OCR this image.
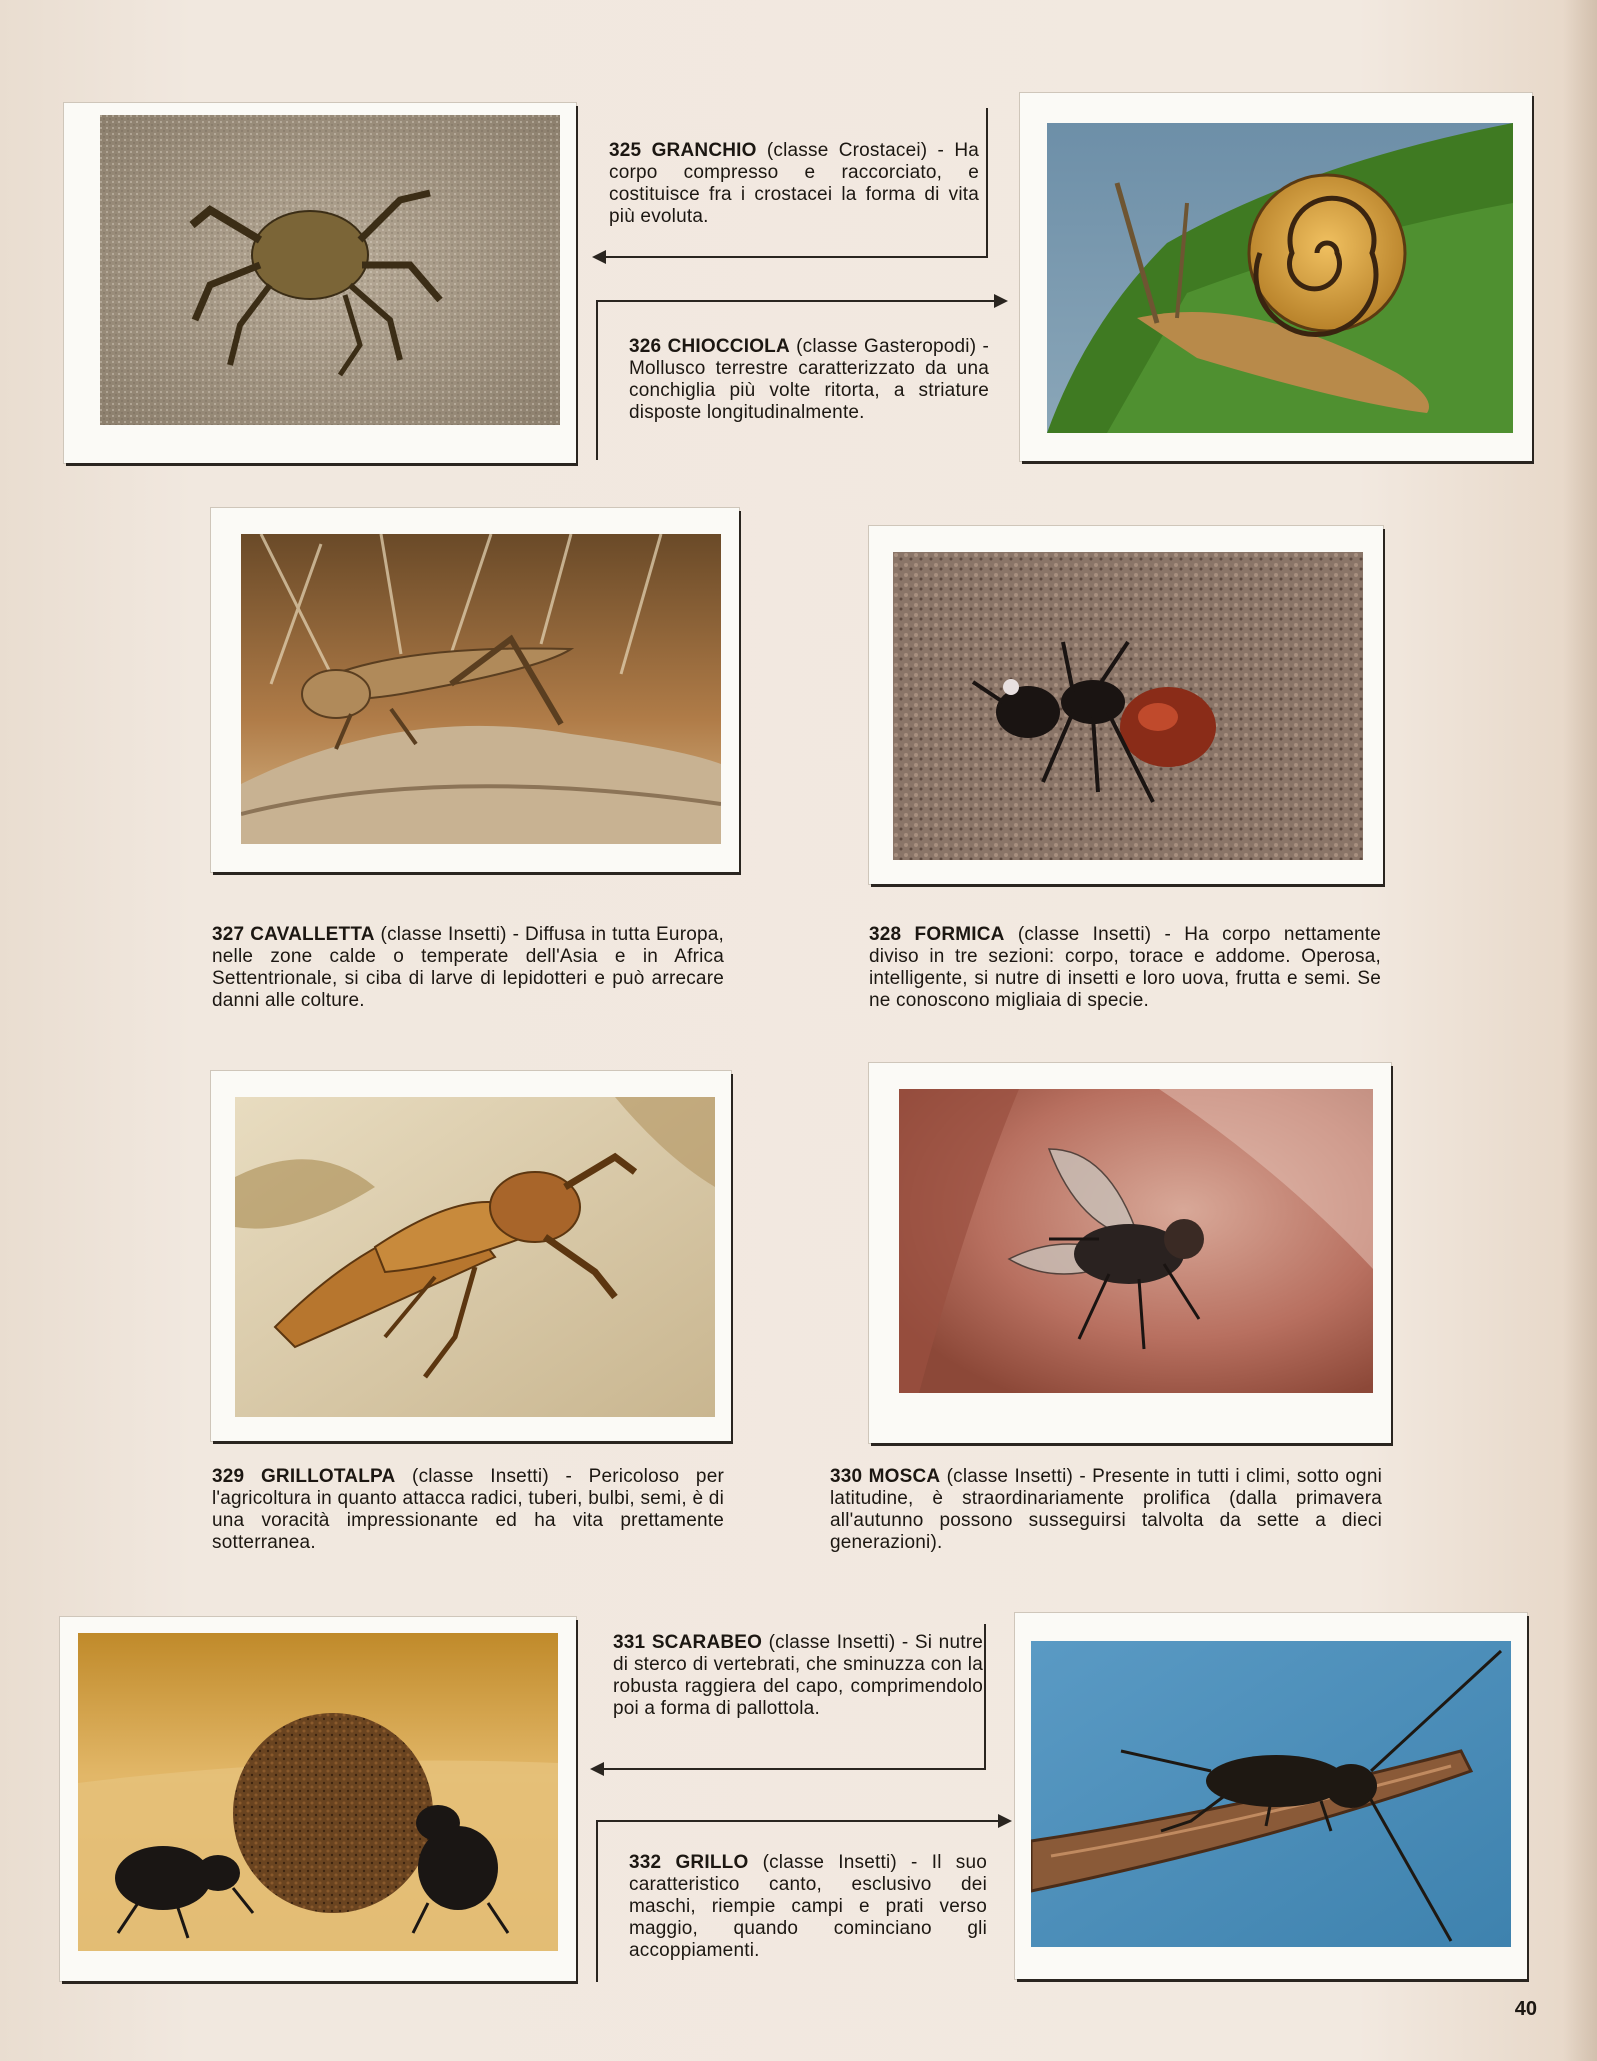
325 GRANCHIO (classe Crostacei) - Ha corpo compresso e raccorciato, e costituisce fra i crostacei la forma di vita più evoluta.
326 CHIOCCIOLA (classe Gasteropodi) - Mollusco terrestre caratterizzato da una conchiglia più volte ritorta, a striature disposte longitudinalmente.
327 CAVALLETTA (classe Insetti) - Diffusa in tutta Europa, nelle zone calde o temperate dell'Asia e in Africa Settentrionale, si ciba di larve di lepidotteri e può arrecare danni alle colture.
328 FORMICA (classe Insetti) - Ha corpo nettamente diviso in tre sezioni: corpo, torace e addome. Operosa, intelligente, si nutre di insetti e loro uova, frutta e semi. Se ne conoscono migliaia di specie.
329 GRILLOTALPA (classe Insetti) - Pericoloso per l'agricoltura in quanto attacca radici, tuberi, bulbi, semi, è di una voracità impressionante ed ha vita prettamente sotterranea.
330 MOSCA (classe Insetti) - Presente in tutti i climi, sotto ogni latitudine, è straordinariamente prolifica (dalla primavera all'autunno possono susseguirsi talvolta da sette a dieci generazioni).
331 SCARABEO (classe Insetti) - Si nutre di sterco di vertebrati, che sminuzza con la robusta raggiera del capo, comprimendolo poi a forma di pallottola.
332 GRILLO (classe Insetti) - Il suo caratteristico canto, esclusivo dei maschi, riempie campi e prati verso maggio, quando cominciano gli accoppiamenti.
40
